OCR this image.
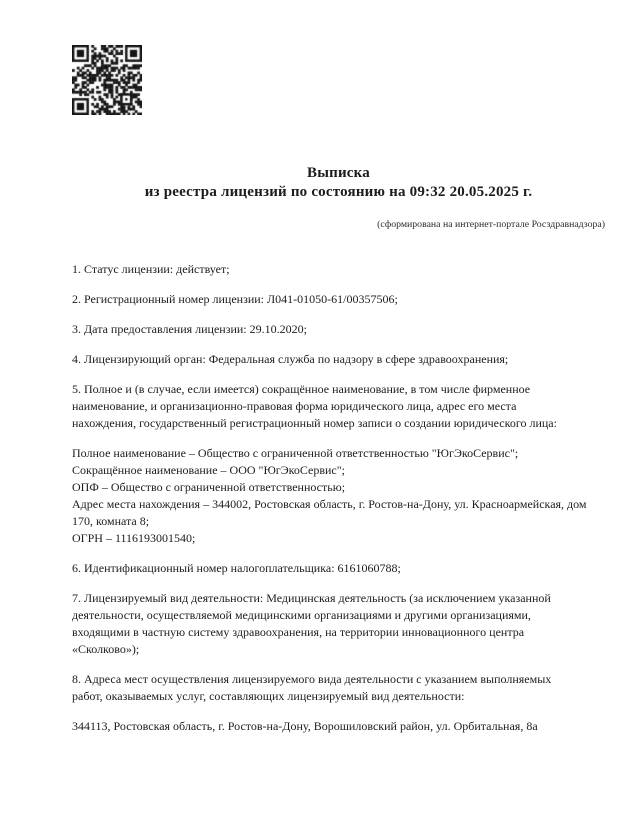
Выписка
из реестра лицензий по состоянию на 09:32 20.05.2025 г.
(сформирована на интернет-портале Росздравнадзора)

1. Статус лицензии: действует;

2. Регистрационный номер лицензии: Л041-01050-61/00357506;

3. Дата предоставления лицензии: 29.10.2020;

4. Лицензирующий орган: Федеральная служба по надзору в сфере здравоохранения;

5. Полное и (в случае, если имеется) сокращённое наименование, в том числе фирменное наименование, и организационно-правовая форма юридического лица, адрес его места нахождения, государственный регистрационный номер записи о создании юридического лица:

Полное наименование – Общество с ограниченной ответственностью "ЮгЭкоСервис";

Сокращённое наименование – ООО "ЮгЭкоСервис";

ОПФ – Общество с ограниченной ответственностью;

Адрес места нахождения – 344002, Ростовская область, г. Ростов-на-Дону, ул. Красноармейская, дом 170, комната 8;

ОГРН – 1116193001540;

6. Идентификационный номер налогоплательщика: 6161060788;

7. Лицензируемый вид деятельности: Медицинская деятельность (за исключением указанной деятельности, осуществляемой медицинскими организациями и другими организациями, входящими в частную систему здравоохранения, на территории инновационного центра «Сколково»);

8. Адреса мест осуществления лицензируемого вида деятельности с указанием выполняемых работ, оказываемых услуг, составляющих лицензируемый вид деятельности:

344113, Ростовская область, г. Ростов-на-Дону, Ворошиловский район, ул. Орбитальная, 8а
